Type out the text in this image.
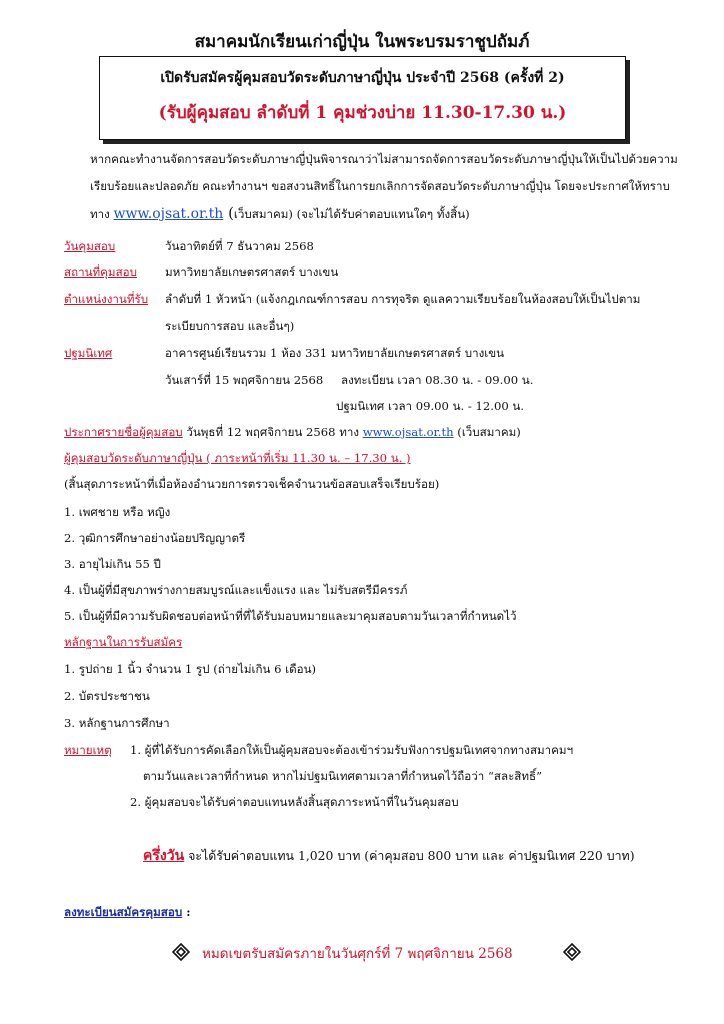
สมาคมนักเรียนเก่าญี่ปุ่น ในพระบรมราชูปถัมภ์
เปิดรับสมัครผู้คุมสอบวัดระดับภาษาญี่ปุ่น ประจำปี 2568 (ครั้งที่ 2)
(รับผู้คุมสอบ ลำดับที่ 1 คุมช่วงบ่าย 11.30-17.30 น.)
หากคณะทำงานจัดการสอบวัดระดับภาษาญี่ปุ่นพิจารณาว่าไม่สามารถจัดการสอบวัดระดับภาษาญี่ปุ่นให้เป็นไปด้วยความ
เรียบร้อยและปลอดภัย คณะทำงานฯ ขอสงวนสิทธิ์ในการยกเลิกการจัดสอบวัดระดับภาษาญี่ปุ่น โดยจะประกาศให้ทราบ
ทาง www.ojsat.or.th (เว็บสมาคม) (จะไม่ได้รับค่าตอบแทนใดๆ ทั้งสิ้น)
วันคุมสอบ	วันอาทิตย์ที่ 7 ธันวาคม 2568
สถานที่คุมสอบ มหาวิทยาลัยเกษตรศาสตร์ บางเขน
ตำแหน่งงานที่รับ ลำดับที่ 1 หัวหน้า (แจ้งกฎเกณฑ์การสอบ การทุจริต ดูแลความเรียบร้อยในห้องสอบให้เป็นไปตาม
ระเบียบการสอบ และอื่นๆ)
ปฐมนิเทศ	อาคารศูนย์เรียนรวม 1 ห้อง 331 มหาวิทยาลัยเกษตรศาสตร์ บางเขน
วันเสาร์ที่ 15 พฤศจิกายน 2568 ลงทะเบียน เวลา 08.30 น. - 09.00 น.
ปฐมนิเทศ เวลา 09.00 น. - 12.00 น.
ประกาศรายชื่อผู้คุมสอบ วันพุธที่ 12 พฤศจิกายน 2568 ทาง www.ojsat.or.th (เว็บสมาคม)
ผู้คุมสอบวัดระดับภาษาญี่ปุ่น ( ภาระหน้าที่เริ่ม 11.30 น. – 17.30 น. )
(สิ้นสุดภาระหน้าที่เมื่อห้องอำนวยการตรวจเช็คจำนวนข้อสอบเสร็จเรียบร้อย)
1. เพศชาย หรือ หญิง
2. วุฒิการศึกษาอย่างน้อยปริญญาตรี
3. อายุไม่เกิน 55 ปี
4. เป็นผู้ที่มีสุขภาพร่างกายสมบูรณ์และแข็งแรง และ ไม่รับสตรีมีครรภ์
5. เป็นผู้ที่มีความรับผิดชอบต่อหน้าที่ที่ได้รับมอบหมายและมาคุมสอบตามวันเวลาที่กำหนดไว้
หลักฐานในการรับสมัคร
1. รูปถ่าย 1 นิ้ว จำนวน 1 รูป (ถ่ายไม่เกิน 6 เดือน)
2. บัตรประชาชน
3. หลักฐานการศึกษา
หมายเหตุ 1. ผู้ที่ได้รับการคัดเลือกให้เป็นผู้คุมสอบจะต้องเข้าร่วมรับฟังการปฐมนิเทศจากทางสมาคมฯ
ตามวันและเวลาที่กำหนด หากไม่ปฐมนิเทศตามเวลาที่กำหนดไว้ถือว่า “สละสิทธิ์”
2. ผู้คุมสอบจะได้รับค่าตอบแทนหลังสิ้นสุดภาระหน้าที่ในวันคุมสอบ
ครึ่งวัน จะได้รับค่าตอบแทน 1,020 บาท (ค่าคุมสอบ 800 บาท และ ค่าปฐมนิเทศ 220 บาท)
ลงทะเบียนสมัครคุมสอบ :
หมดเขตรับสมัครภายในวันศุกร์ที่ 7 พฤศจิกายน 2568
